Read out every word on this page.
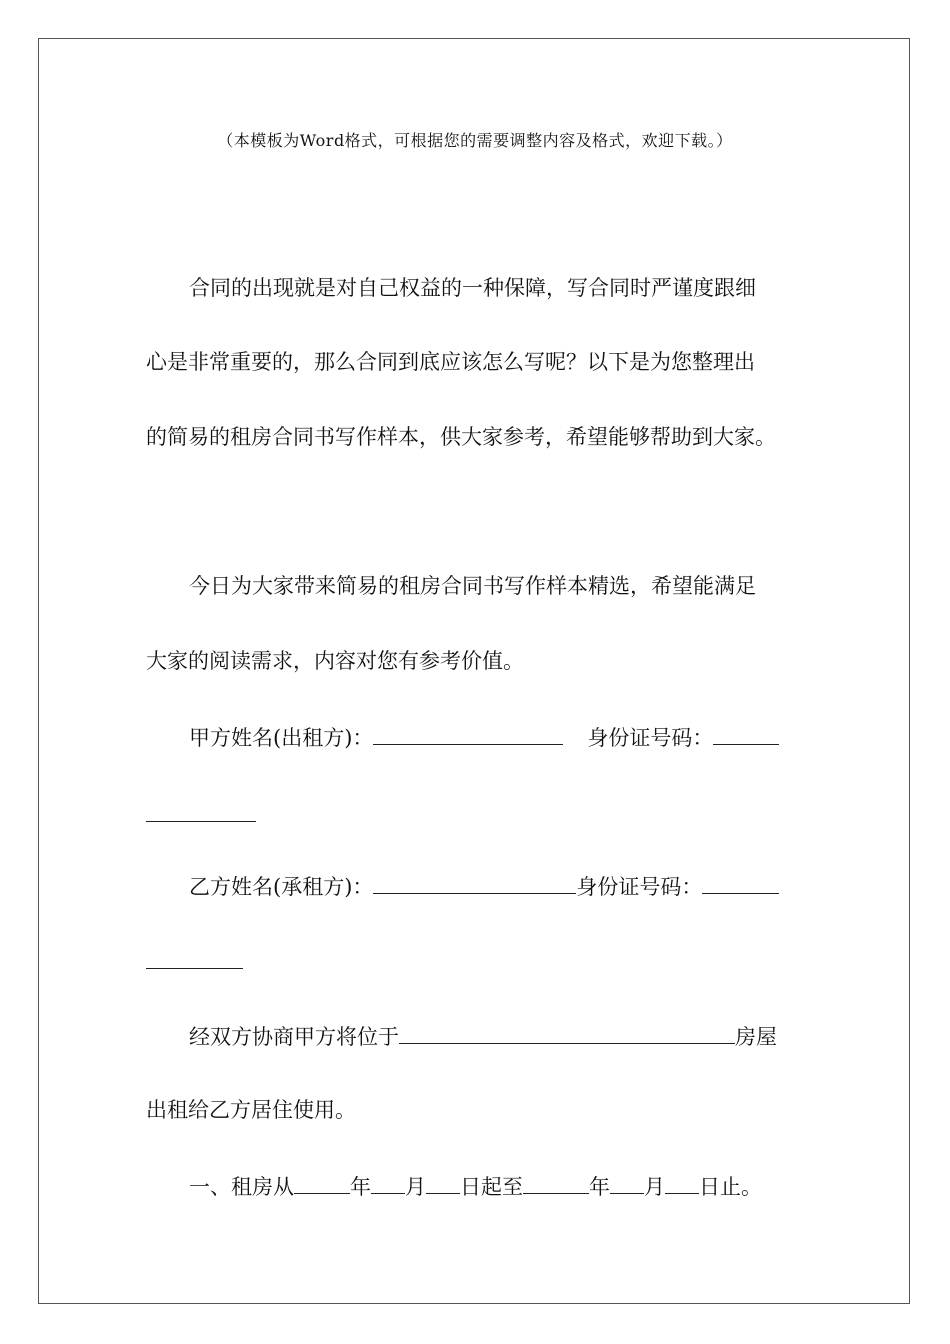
（本模板为Word格式，可根据您的需要调整内容及格式，欢迎下载。）
合同的出现就是对自己权益的一种保障，写合同时严谨度跟细
心是非常重要的，那么合同到底应该怎么写呢？以下是为您整理出
的简易的租房合同书写作样本，供大家参考，希望能够帮助到大家。
今日为大家带来简易的租房合同书写作样本精选，希望能满足
大家的阅读需求，内容对您有参考价值。
甲方姓名(出租方)：	身份证号码：
乙方姓名(承租方)：	身份证号码：
经双方协商甲方将位于	房屋
出租给乙方居住使用。
一、租房从	年 月 日起至	年 月 日止。
